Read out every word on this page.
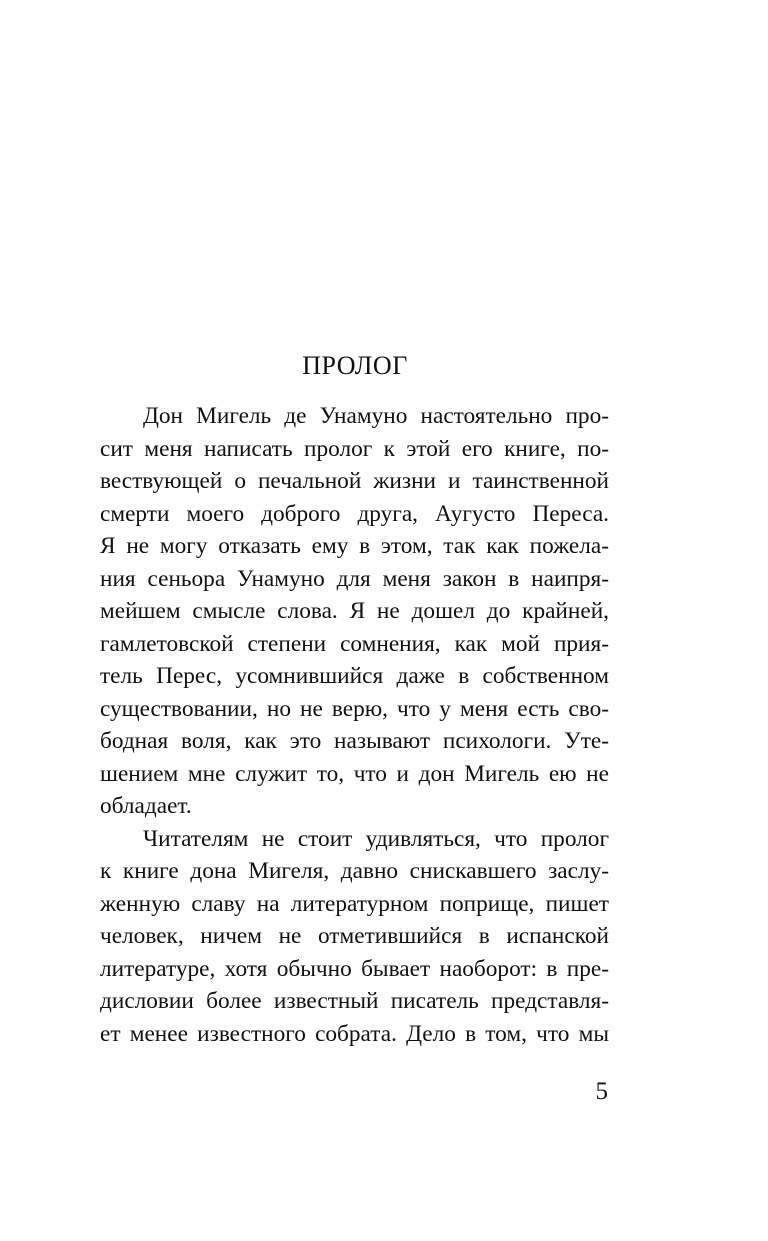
ПРОЛОГ
Дон Мигель де Унамуно настоятельно про-
сит меня написать пролог к этой его книге, по-
вествующей о печальной жизни и таинственной
смерти моего доброго друга, Аугусто Переса.
Я не могу отказать ему в этом, так как пожела-
ния сеньора Унамуно для меня закон в наипря-
мейшем смысле слова. Я не дошел до крайней,
гамлетовской степени сомнения, как мой прия-
тель Перес, усомнившийся даже в собственном
существовании, но не верю, что у меня есть сво-
бодная воля, как это называют психологи. Уте-
шением мне служит то, что и дон Мигель ею не
обладает.
Читателям не стоит удивляться, что пролог
к книге дона Мигеля, давно снискавшего заслу-
женную славу на литературном поприще, пишет
человек, ничем не отметившийся в испанской
литературе, хотя обычно бывает наоборот: в пре-
дисловии более известный писатель представля-
ет менее известного собрата. Дело в том, что мы
5
